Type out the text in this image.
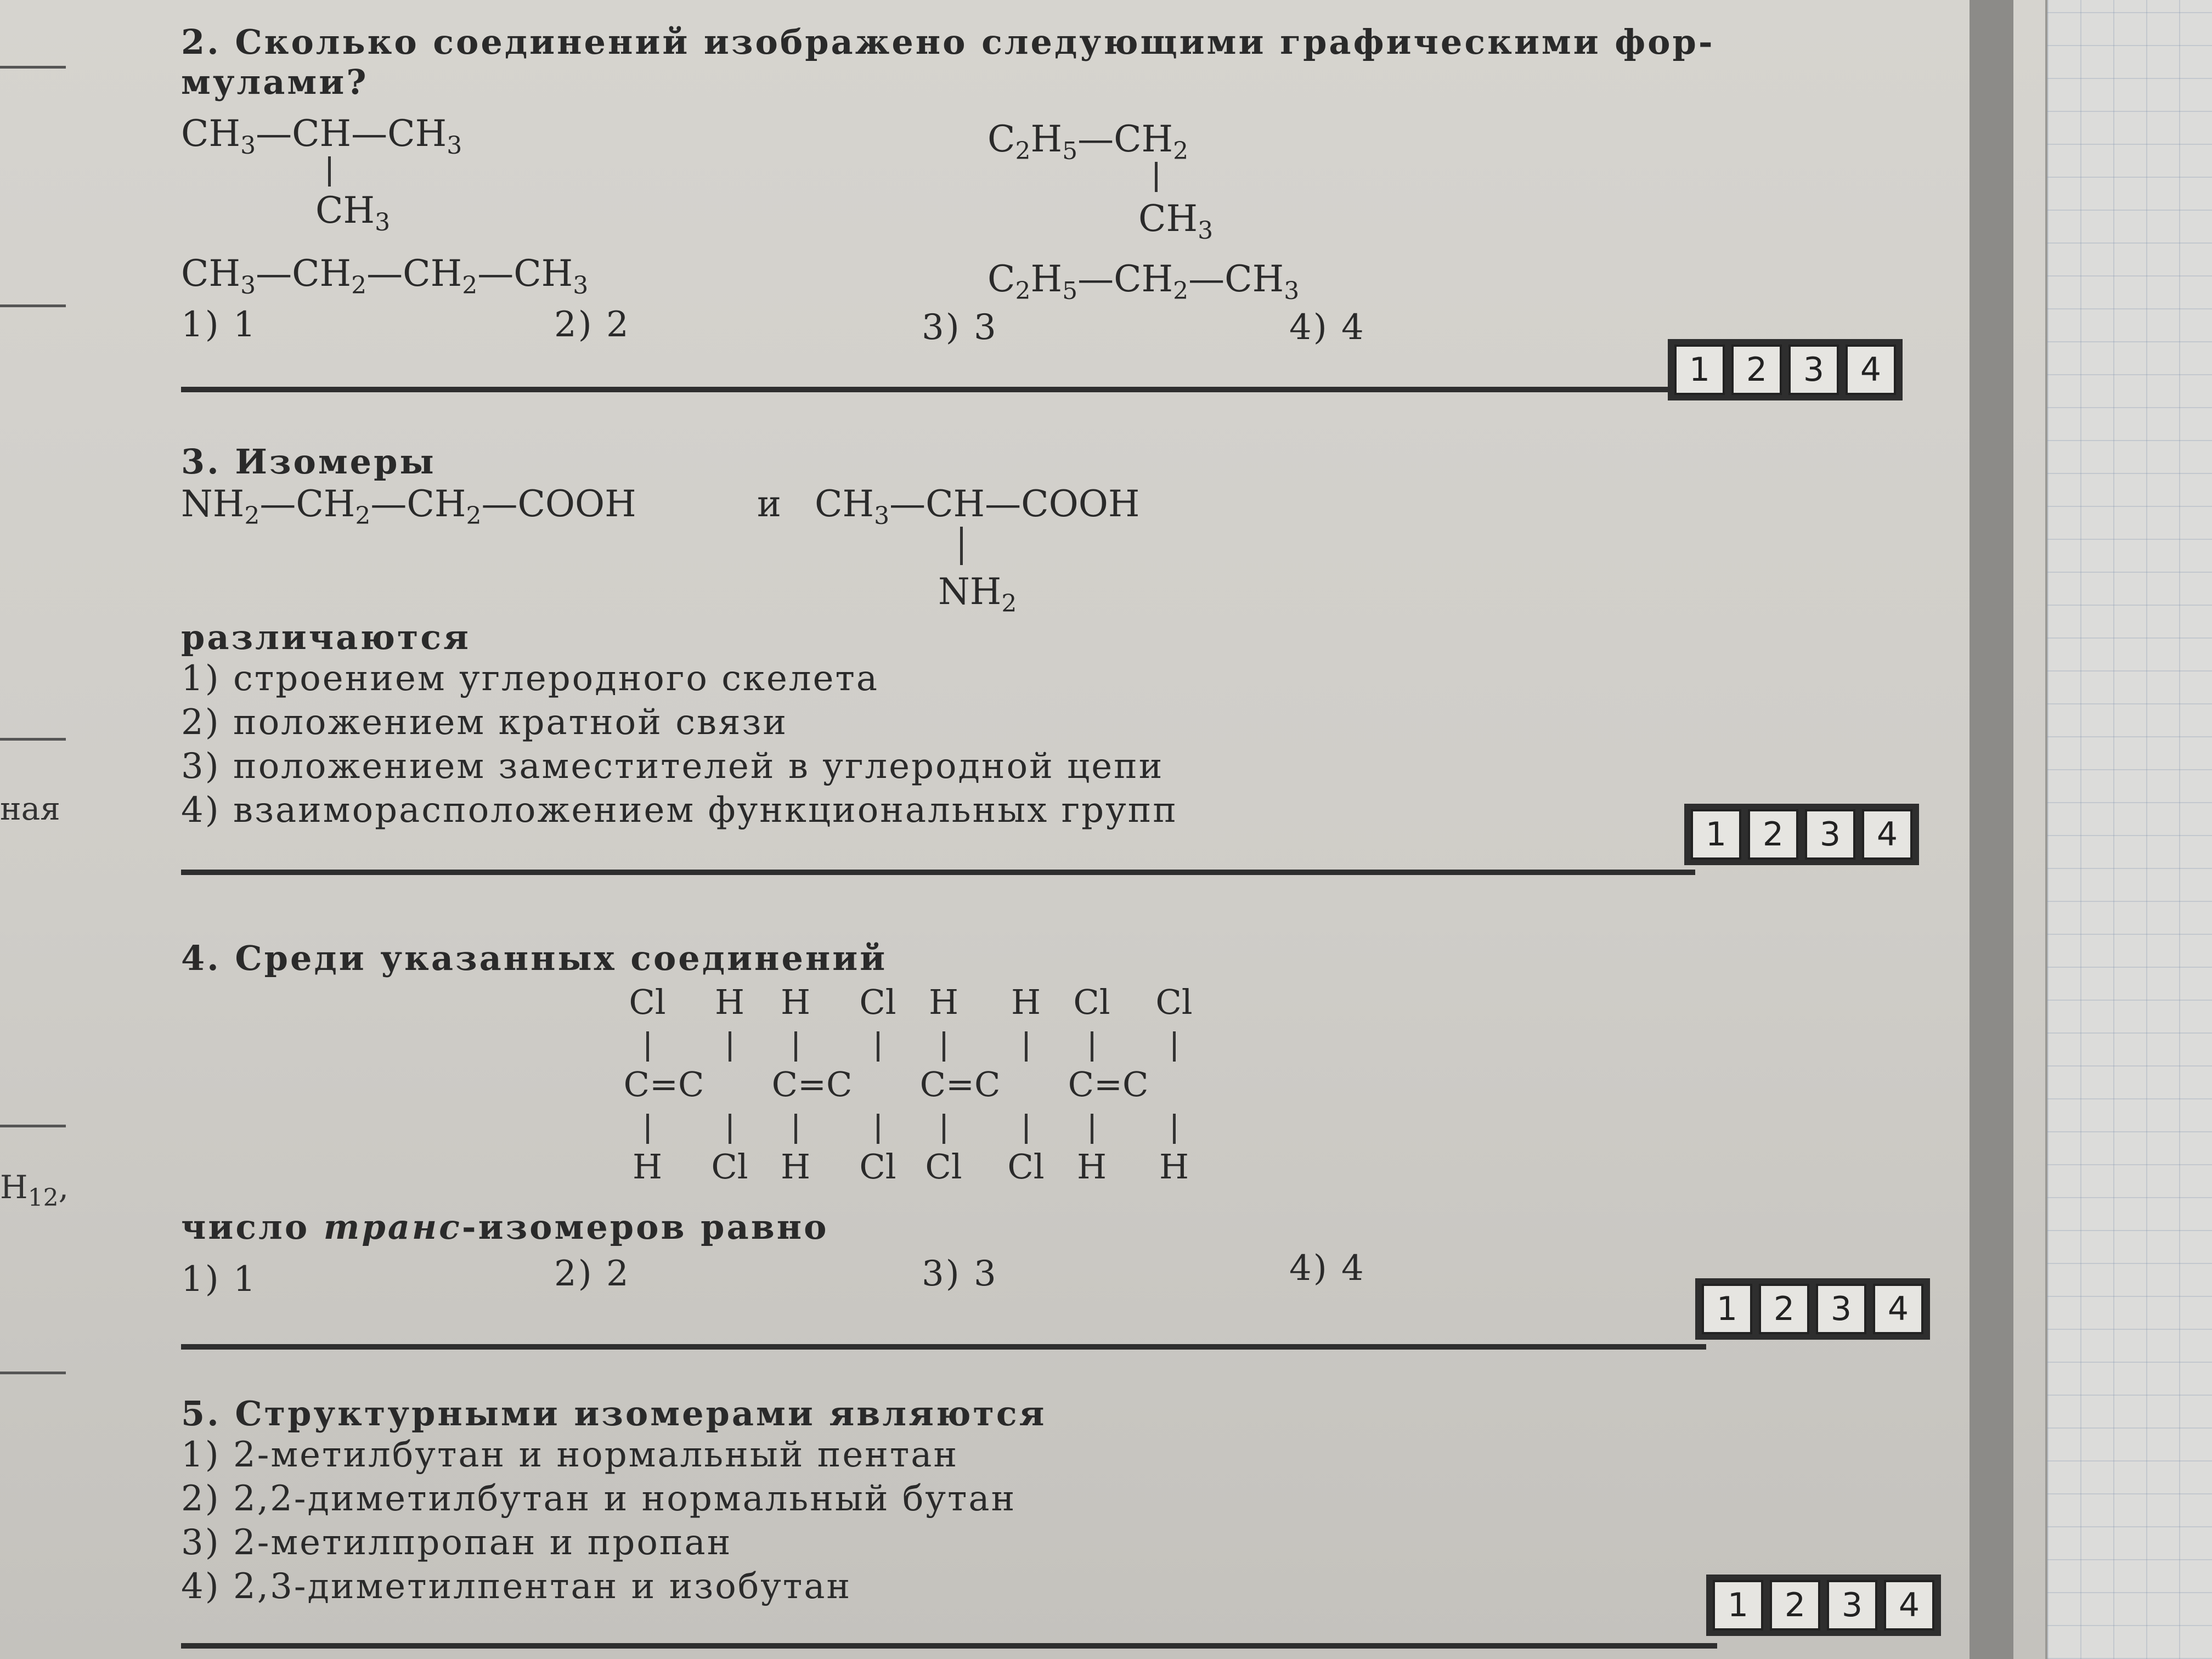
ная
$H_{12}$,
2. Сколько соединений изображено следующими графическими фор-
мулами?
$CH_3—CH—CH_3$
$CH_3$
$C_2H_5—CH_2$
$CH_3$
$CH_3—CH_2—CH_2—CH_3$	$C_2H_5—CH_2—CH_3$
1) 1	2) 2	3) 3	4) 4
1	2	3	4
3. Изомеры
$NH_2—CH_2—CH_2—COOH$	и $CH_3—CH—COOH$
$NH_2$
различаются
1) строением углеродного скелета
2) положением кратной связи
3) положением заместителей в углеродной цепи
4) взаиморасположением функциональных групп
1	2	3	4
4. Среди указанных соединений
Cl
H
H
Cl
H
H
Cl
Cl
H
Cl
H
Cl
Cl
H
Cl
H
C=C	C=C	C=C	C=C
число транс-изомеров равно
1) 1	2) 2	3) 3	4) 4
1	2	3	4
5. Структурными изомерами являются
1) 2-метилбутан и нормальный пентан
2) 2,2-диметилбутан и нормальный бутан
3) 2-метилпропан и пропан
4) 2,3-диметилпентан и изобутан	1	2	3	4
